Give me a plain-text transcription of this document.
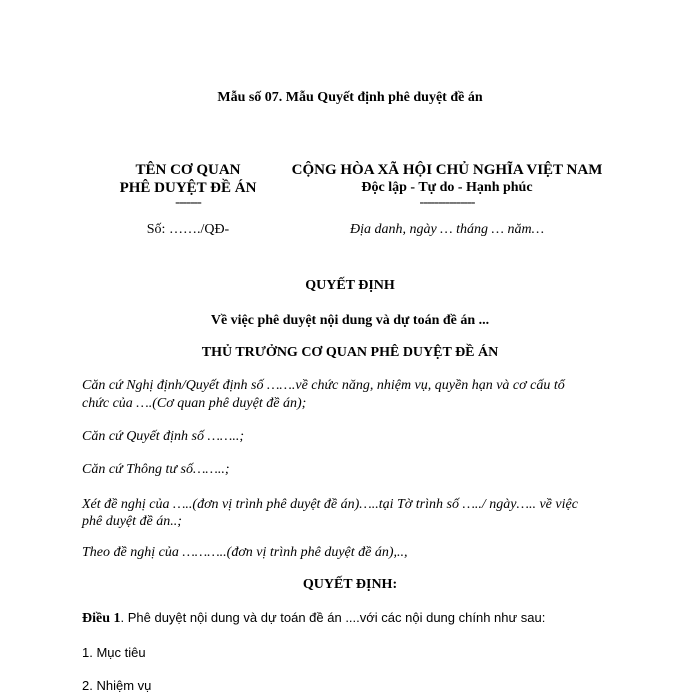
Mẫu số 07. Mẫu Quyết định phê duyệt đề án
TÊN CƠ QUAN
PHÊ DUYỆT ĐỀ ÁN
-------
Số: ……./QĐ-
CỘNG HÒA XÃ HỘI CHỦ NGHĨA VIỆT NAM
Độc lập - Tự do - Hạnh phúc
---------------
Địa danh, ngày … tháng … năm…
QUYẾT ĐỊNH
Về việc phê duyệt nội dung và dự toán đề án ...
THỦ TRƯỞNG CƠ QUAN PHÊ DUYỆT ĐỀ ÁN
Căn cứ Nghị định/Quyết định số …….về chức năng, nhiệm vụ, quyền hạn và cơ cấu tổ
chức của ….(Cơ quan phê duyệt đề án);
Căn cứ Quyết định số ……..;
Căn cứ Thông tư số……..;
Xét đề nghị của …..(đơn vị trình phê duyệt đề án)…..tại Tờ trình số …../ ngày….. về việc
phê duyệt đề án..;
Theo đề nghị của ………..(đơn vị trình phê duyệt đề án),..,
QUYẾT ĐỊNH:
Điều 1. Phê duyệt nội dung và dự toán đề án ....với các nội dung chính như sau:
1. Mục tiêu
2. Nhiệm vụ
